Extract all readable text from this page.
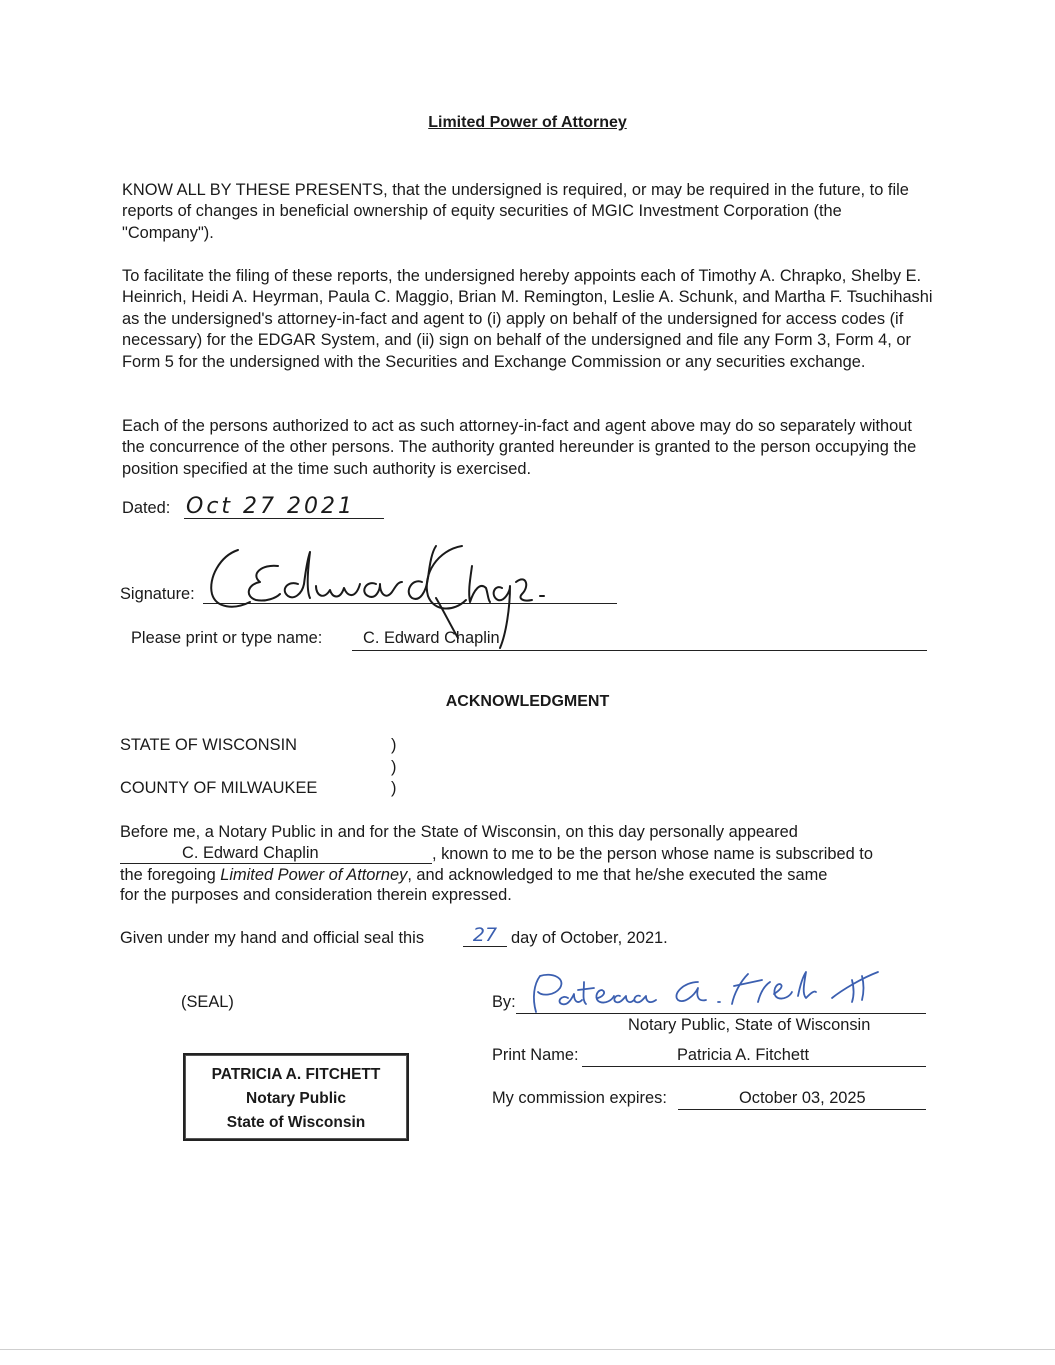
Limited Power of Attorney
KNOW ALL BY THESE PRESENTS, that the undersigned is required, or may be required in the future, to file reports of changes in beneficial ownership of equity securities of MGIC Investment Corporation (the "Company").
To facilitate the filing of these reports, the undersigned hereby appoints each of Timothy A. Chrapko, Shelby E. Heinrich, Heidi A. Heyrman, Paula C. Maggio, Brian M. Remington, Leslie A. Schunk, and Martha F. Tsuchihashi as the undersigned's attorney-in-fact and agent to (i) apply on behalf of the undersigned for access codes (if necessary) for the EDGAR System, and (ii) sign on behalf of the undersigned and file any Form 3, Form 4, or Form 5 for the undersigned with the Securities and Exchange Commission or any securities exchange.
Each of the persons authorized to act as such attorney-in-fact and agent above may do so separately without the concurrence of the other persons. The authority granted hereunder is granted to the person occupying the position specified at the time such authority is exercised.
Dated: Oct 27 2021
Signature:
Please print or type name:	C. Edward Chaplin
ACKNOWLEDGMENT
STATE OF WISCONSIN	)
)
COUNTY OF MILWAUKEE	)
Before me, a Notary Public in and for the State of Wisconsin, on this day personally appeared
C. Edward Chaplin	, known to me to be the person whose name is subscribed to
the foregoing Limited Power of Attorney, and acknowledged to me that he/she executed the same
for the purposes and consideration therein expressed.
Given under my hand and official seal this	27 day of October, 2021.
(SEAL)	By:
Notary Public, State of Wisconsin
Print Name:	Patricia A. Fitchett
My commission expires:	October 03, 2025
PATRICIA A. FITCHETT
Notary Public
State of Wisconsin
